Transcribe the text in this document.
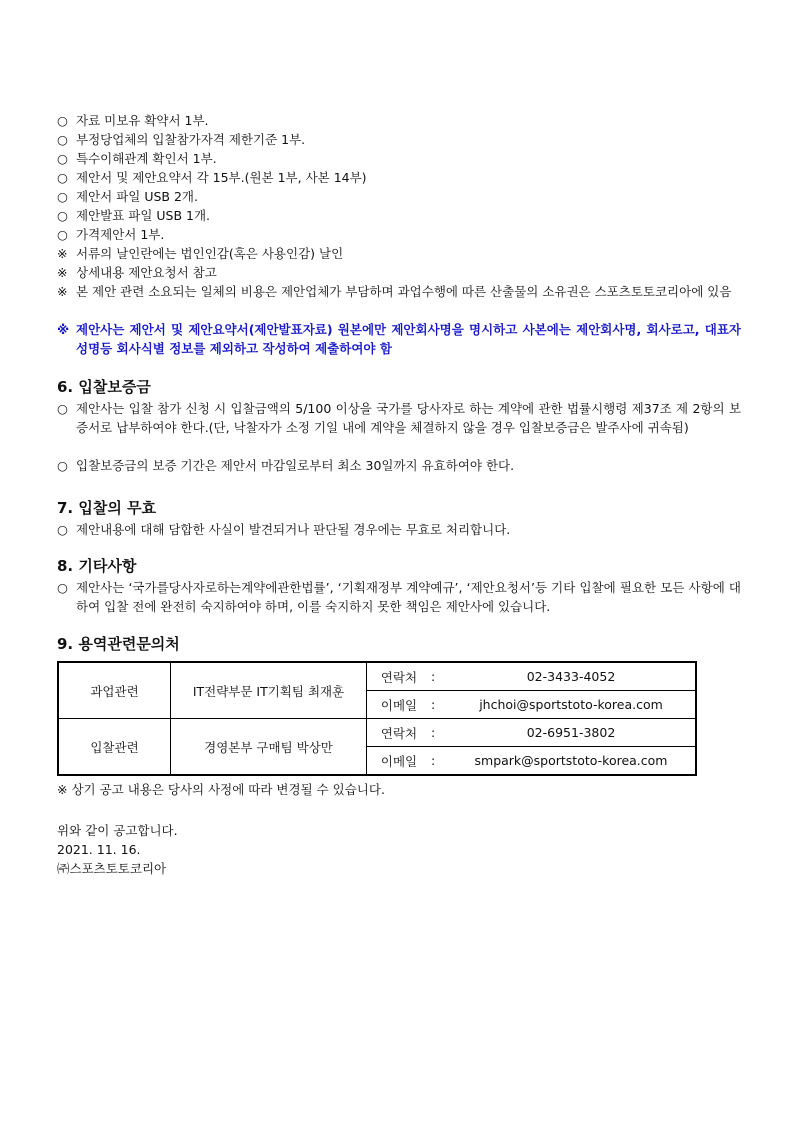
○ 자료 미보유 확약서 1부.
○ 부정당업체의 입찰참가자격 제한기준 1부.
○ 특수이해관계 확인서 1부.
○ 제안서 및 제안요약서 각 15부.(원본 1부, 사본 14부)
○ 제안서 파일 USB 2개.
○ 제안발표 파일 USB 1개.
○ 가격제안서 1부.
※ 서류의 날인란에는 법인인감(혹은 사용인감) 날인
※ 상세내용 제안요청서 참고
※ 본 제안 관련 소요되는 일체의 비용은 제안업체가 부담하며 과업수행에 따른 산출물의 소유권은 스포츠토토코리아에 있음
※ 제안사는 제안서 및 제안요약서(제안발표자료) 원본에만 제안회사명을 명시하고 사본에는 제안회사명, 회사로고, 대표자성명등 회사식별 정보를 제외하고 작성하여 제출하여야 함
6. 입찰보증금
○ 제안사는 입찰 참가 신청 시 입찰금액의 5/100 이상을 국가를 당사자로 하는 계약에 관한 법률시행령 제37조 제 2항의 보증서로 납부하여야 한다.(단, 낙찰자가 소정 기일 내에 계약을 체결하지 않을 경우 입찰보증금은 발주사에 귀속됨)
○ 입찰보증금의 보증 기간은 제안서 마감일로부터 최소 30일까지 유효하여야 한다.
7. 입찰의 무효
○ 제안내용에 대해 담합한 사실이 발견되거나 판단될 경우에는 무효로 처리합니다.
8. 기타사항
○ 제안사는 ‘국가를당사자로하는계약에관한법률’, ‘기획재정부 계약예규’, ‘제안요청서’등 기타 입찰에 필요한 모든 사항에 대하여 입찰 전에 완전히 숙지하여야 하며, 이를 숙지하지 못한 책임은 제안사에 있습니다.
9. 용역관련문의처
과업관련	IT전략부문 IT기획팀 최재훈	연락처	:	02-3433-4052
		이메일	:	jhchoi@sportstoto-korea.com
입찰관련	경영본부 구매팀 박상만	연락처	:	02-6951-3802
		이메일	:	smpark@sportstoto-korea.com
※ 상기 공고 내용은 당사의 사정에 따라 변경될 수 있습니다.
위와 같이 공고합니다.
2021. 11. 16.
㈜스포츠토토코리아
